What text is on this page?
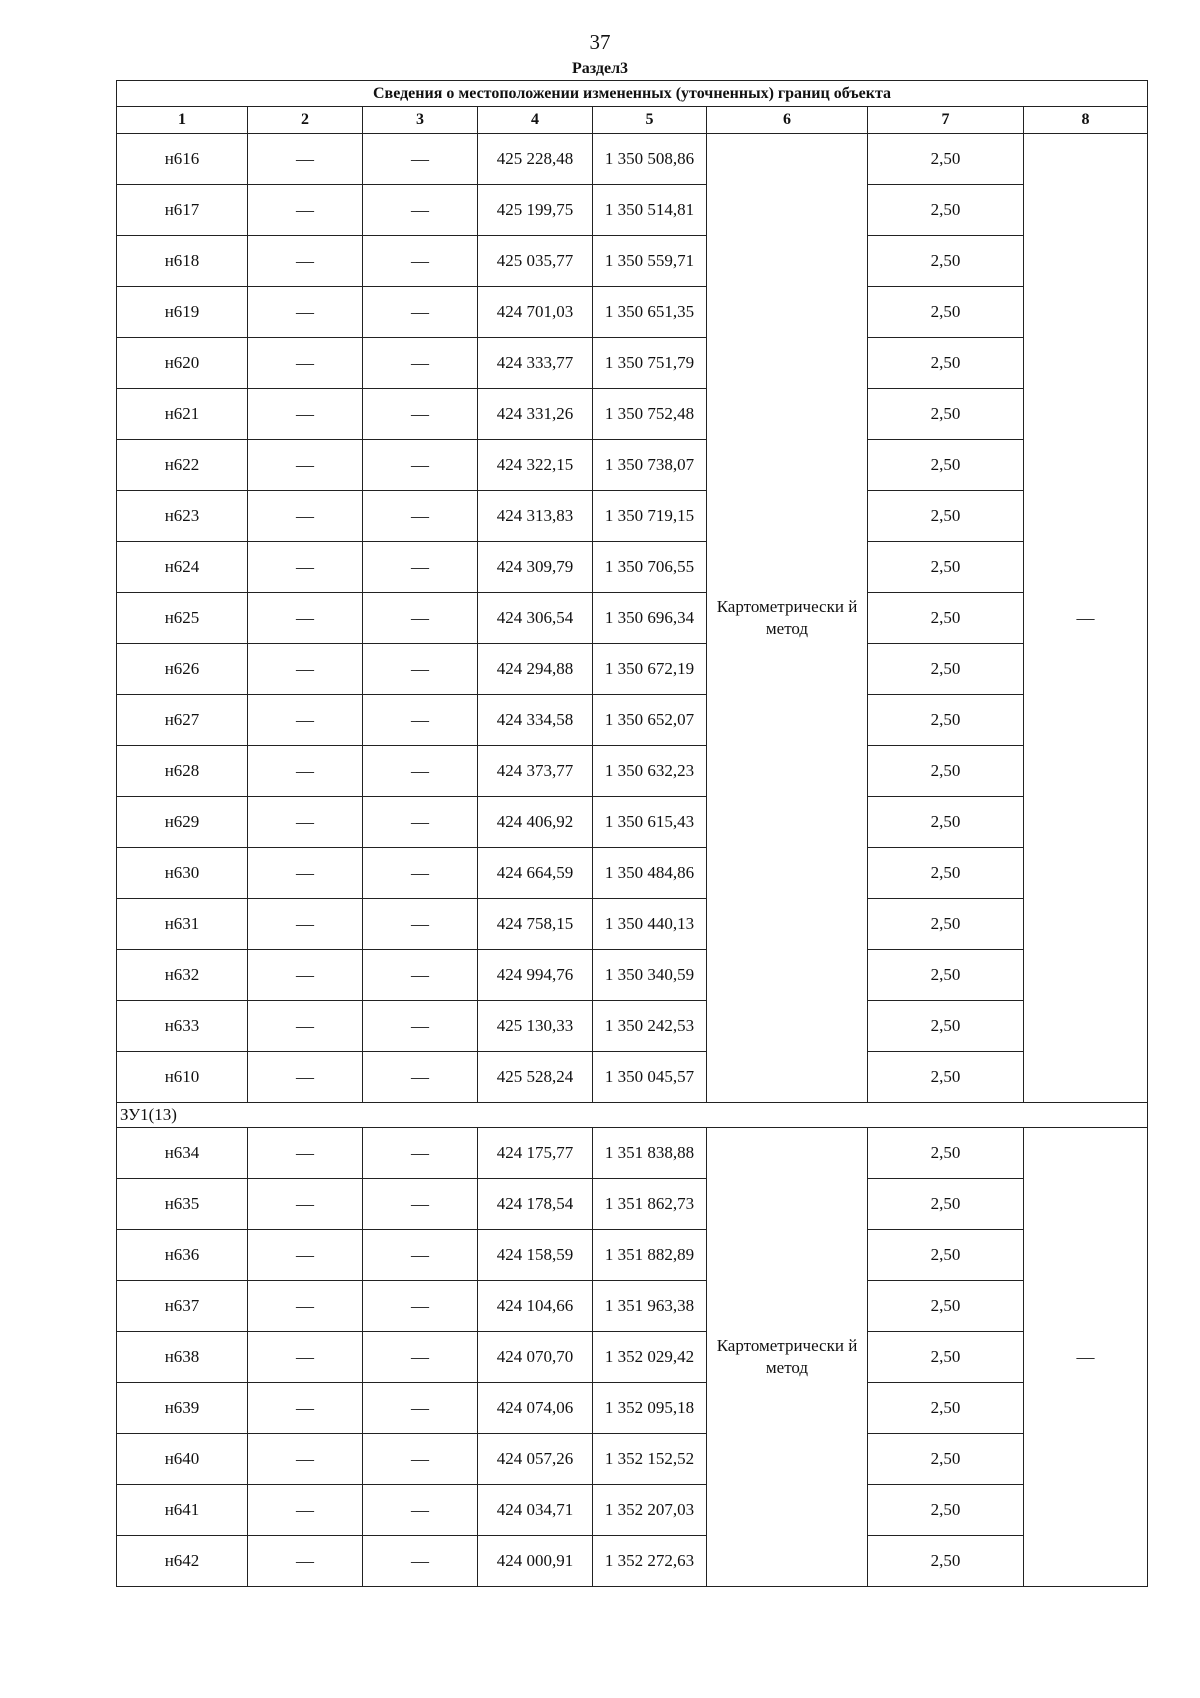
37
Раздел3
Сведения о местоположении измененных (уточненных) границ объекта							
1	2	3	4	5	6	7	8
н616	—	—	425 228,48	1 350 508,86	Картометрически й метод	2,50	—
н617	—	—	425 199,75	1 350 514,81		2,50	
н618	—	—	425 035,77	1 350 559,71		2,50	
н619	—	—	424 701,03	1 350 651,35		2,50	
н620	—	—	424 333,77	1 350 751,79		2,50	
н621	—	—	424 331,26	1 350 752,48		2,50	
н622	—	—	424 322,15	1 350 738,07		2,50	
н623	—	—	424 313,83	1 350 719,15		2,50	
н624	—	—	424 309,79	1 350 706,55		2,50	
н625	—	—	424 306,54	1 350 696,34		2,50	
н626	—	—	424 294,88	1 350 672,19		2,50	
н627	—	—	424 334,58	1 350 652,07		2,50	
н628	—	—	424 373,77	1 350 632,23		2,50	
н629	—	—	424 406,92	1 350 615,43		2,50	
н630	—	—	424 664,59	1 350 484,86		2,50	
н631	—	—	424 758,15	1 350 440,13		2,50	
н632	—	—	424 994,76	1 350 340,59		2,50	
н633	—	—	425 130,33	1 350 242,53		2,50	
н610	—	—	425 528,24	1 350 045,57		2,50	
ЗУ1(13)							
н634	—	—	424 175,77	1 351 838,88	Картометрически й метод	2,50	—
н635	—	—	424 178,54	1 351 862,73		2,50	
н636	—	—	424 158,59	1 351 882,89		2,50	
н637	—	—	424 104,66	1 351 963,38		2,50	
н638	—	—	424 070,70	1 352 029,42		2,50	
н639	—	—	424 074,06	1 352 095,18		2,50	
н640	—	—	424 057,26	1 352 152,52		2,50	
н641	—	—	424 034,71	1 352 207,03		2,50	
н642	—	—	424 000,91	1 352 272,63		2,50	
